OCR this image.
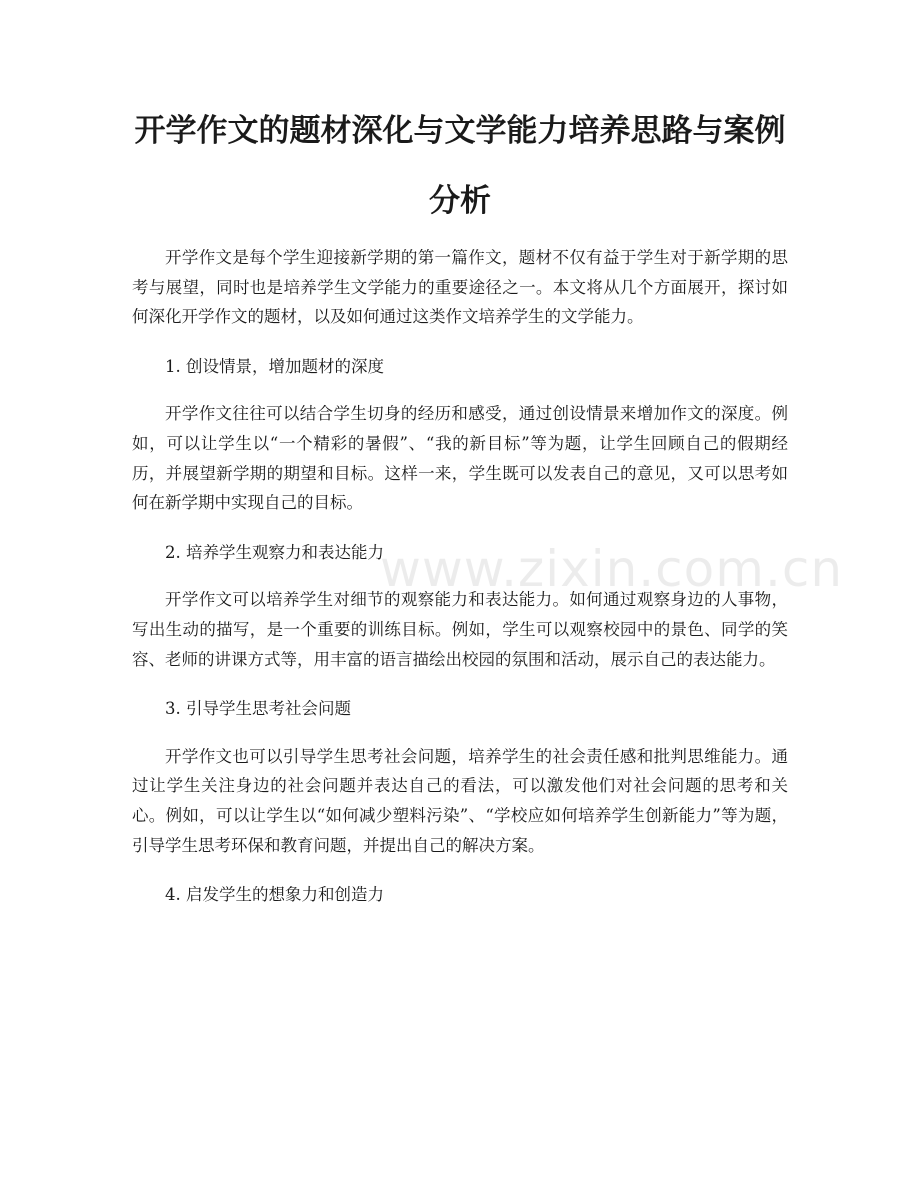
开学作文的题材深化与文学能力培养思路与案例分析

开学作文是每个学生迎接新学期的第一篇作文，题材不仅有益于学生对于新学期的思考与展望，同时也是培养学生文学能力的重要途径之一。本文将从几个方面展开，探讨如何深化开学作文的题材，以及如何通过这类作文培养学生的文学能力。

1. 创设情景，增加题材的深度

开学作文往往可以结合学生切身的经历和感受，通过创设情景来增加作文的深度。例如，可以让学生以“一个精彩的暑假”、“我的新目标”等为题，让学生回顾自己的假期经历，并展望新学期的期望和目标。这样一来，学生既可以发表自己的意见，又可以思考如何在新学期中实现自己的目标。

2. 培养学生观察力和表达能力

开学作文可以培养学生对细节的观察能力和表达能力。如何通过观察身边的人事物，写出生动的描写，是一个重要的训练目标。例如，学生可以观察校园中的景色、同学的笑容、老师的讲课方式等，用丰富的语言描绘出校园的氛围和活动，展示自己的表达能力。

3. 引导学生思考社会问题

开学作文也可以引导学生思考社会问题，培养学生的社会责任感和批判思维能力。通过让学生关注身边的社会问题并表达自己的看法，可以激发他们对社会问题的思考和关心。例如，可以让学生以“如何减少塑料污染”、“学校应如何培养学生创新能力”等为题，引导学生思考环保和教育问题，并提出自己的解决方案。

4. 启发学生的想象力和创造力

www.zixin.com.cn
